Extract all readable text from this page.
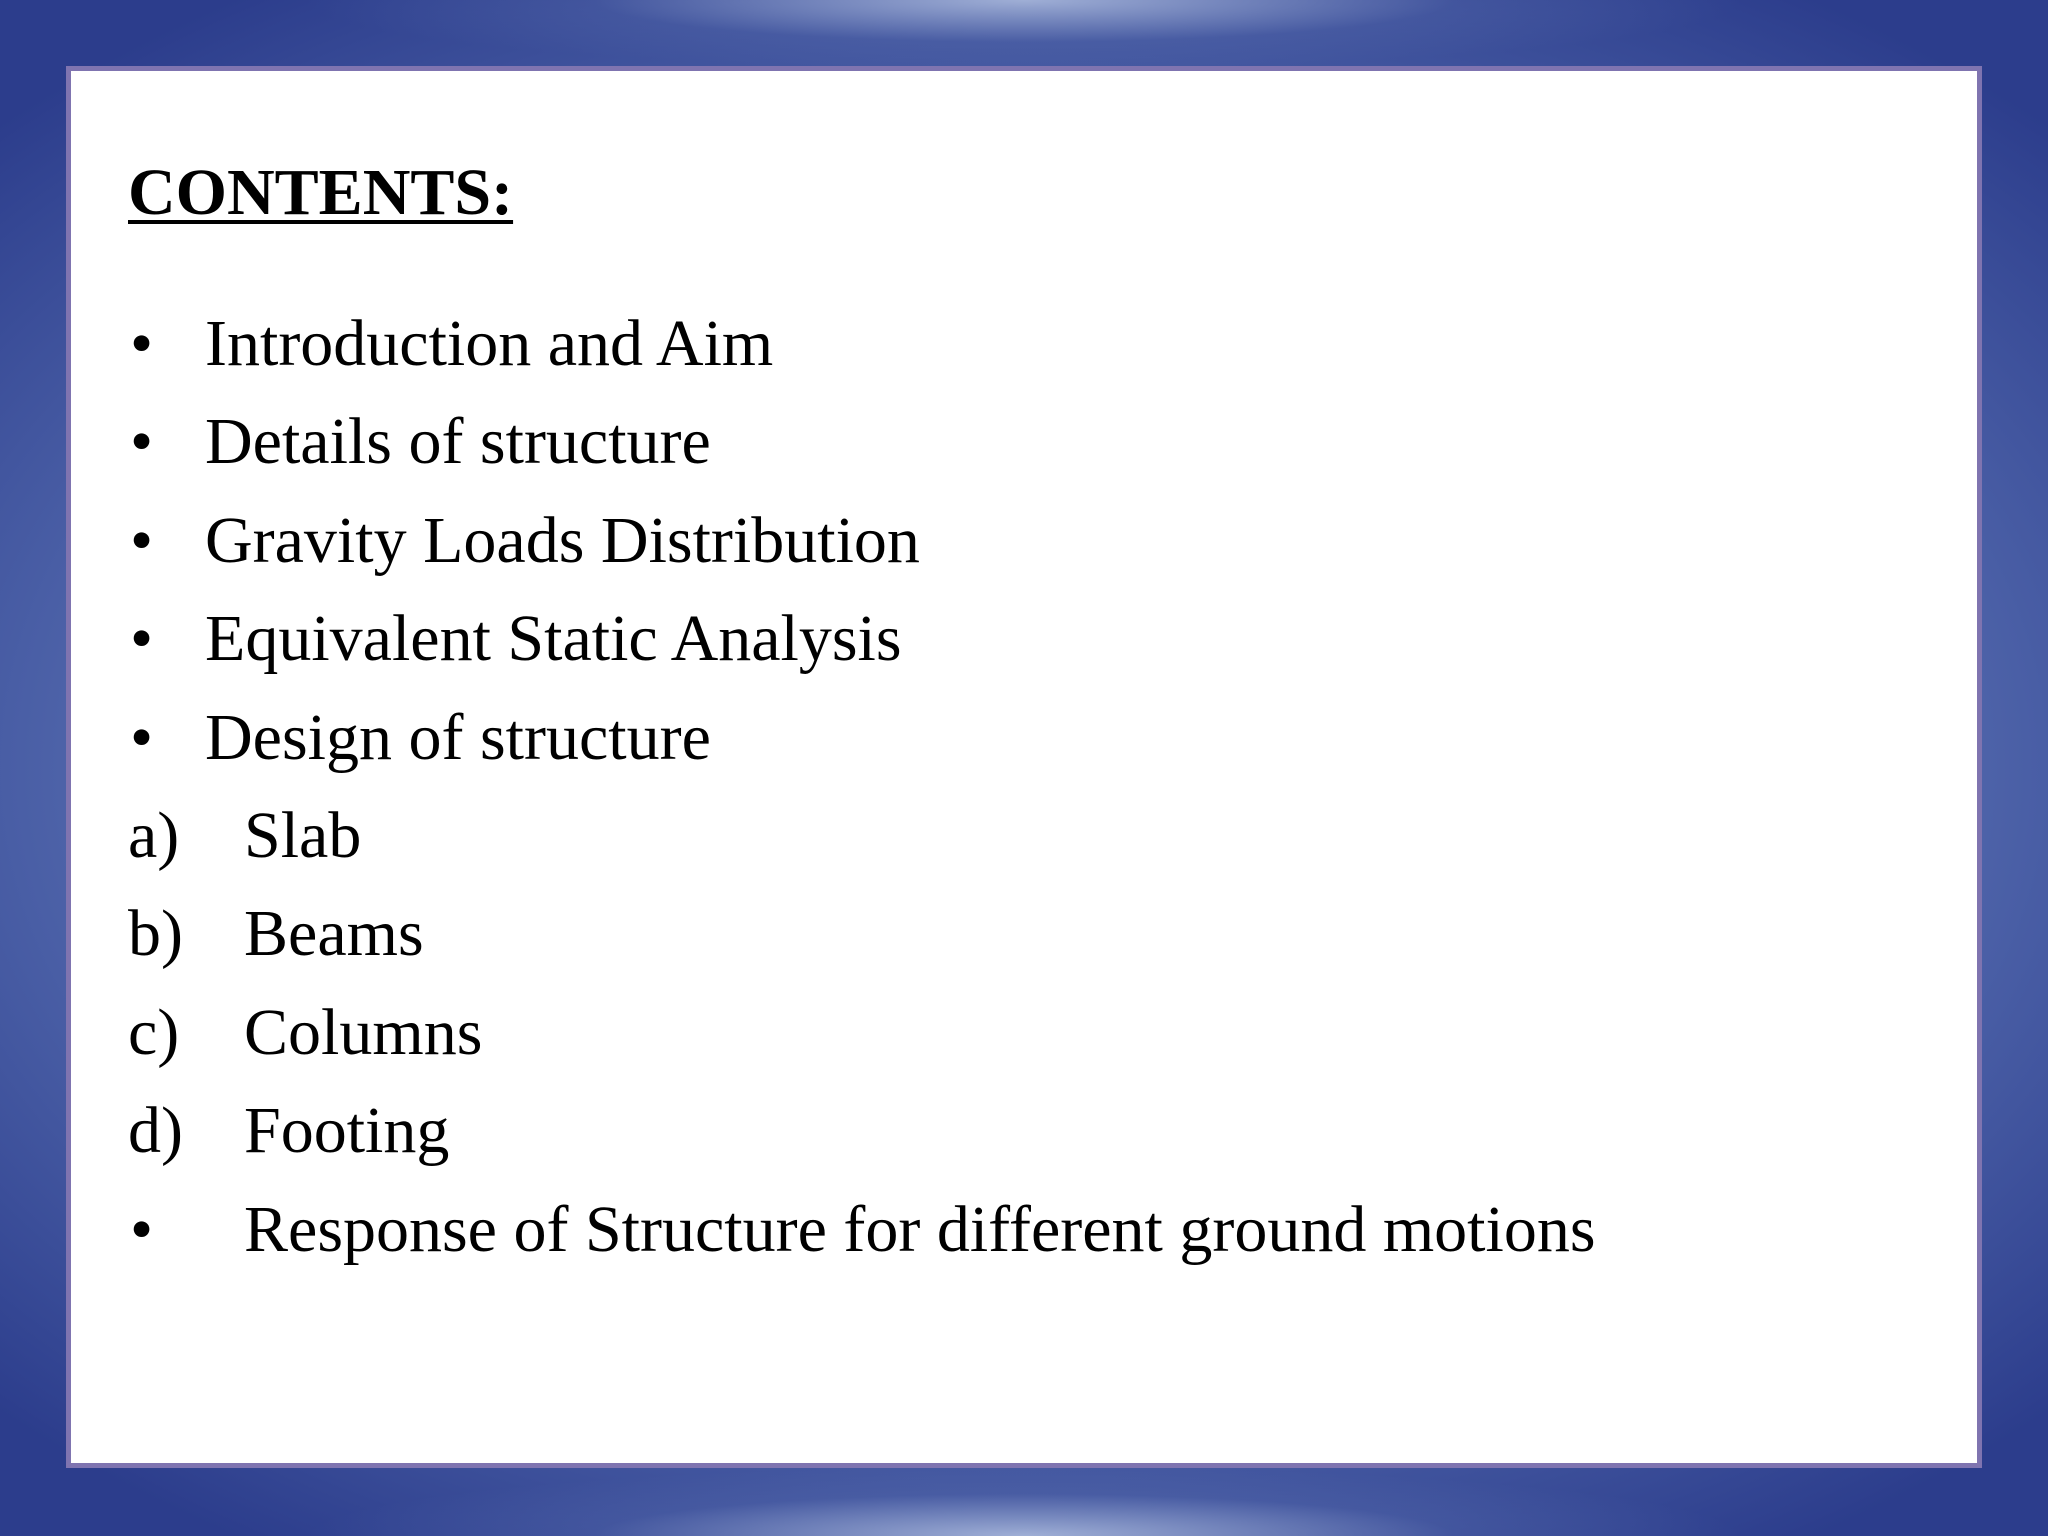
CONTENTS:
• Introduction and Aim
• Details of structure
• Gravity Loads Distribution
• Equivalent Static Analysis
• Design of structure
a) Slab
b) Beams
c) Columns
d) Footing
• Response of Structure for different ground motions
